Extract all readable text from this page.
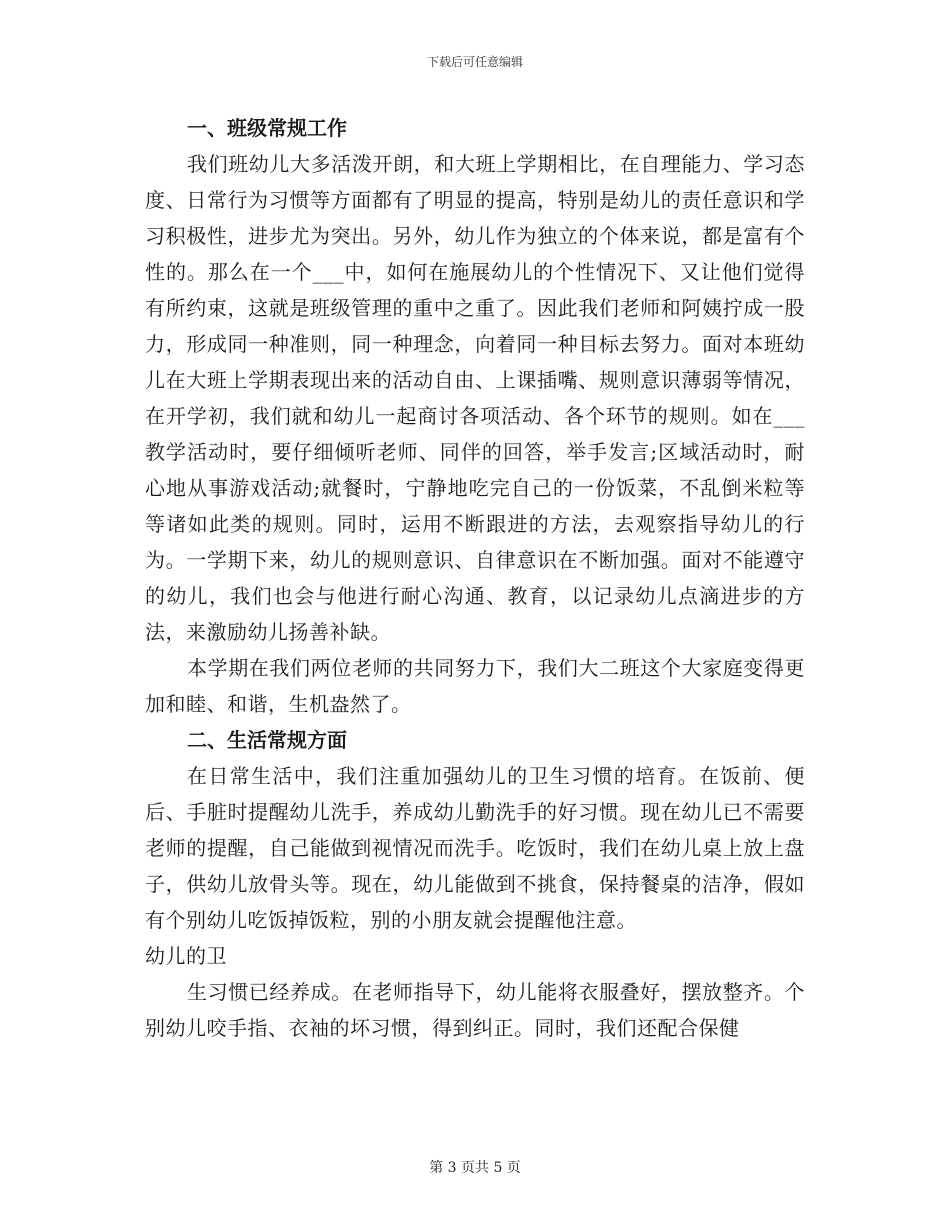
下载后可任意编辑

一、班级常规工作

我们班幼儿大多活泼开朗，和大班上学期相比，在自理能力、学习态度、日常行为习惯等方面都有了明显的提高，特别是幼儿的责任意识和学习积极性，进步尤为突出。另外，幼儿作为独立的个体来说，都是富有个性的。那么在一个___中，如何在施展幼儿的个性情况下、又让他们觉得有所约束，这就是班级管理的重中之重了。因此我们老师和阿姨拧成一股力，形成同一种准则，同一种理念，向着同一种目标去努力。面对本班幼儿在大班上学期表现出来的活动自由、上课插嘴、规则意识薄弱等情况，在开学初，我们就和幼儿一起商讨各项活动、各个环节的规则。如在___教学活动时，要仔细倾听老师、同伴的回答，举手发言;区域活动时，耐心地从事游戏活动;就餐时，宁静地吃完自己的一份饭菜，不乱倒米粒等等诸如此类的规则。同时，运用不断跟进的方法，去观察指导幼儿的行为。一学期下来，幼儿的规则意识、自律意识在不断加强。面对不能遵守的幼儿，我们也会与他进行耐心沟通、教育，以记录幼儿点滴进步的方法，来激励幼儿扬善补缺。

本学期在我们两位老师的共同努力下，我们大二班这个大家庭变得更加和睦、和谐，生机盎然了。

二、生活常规方面

在日常生活中，我们注重加强幼儿的卫生习惯的培育。在饭前、便后、手脏时提醒幼儿洗手，养成幼儿勤洗手的好习惯。现在幼儿已不需要老师的提醒，自己能做到视情况而洗手。吃饭时，我们在幼儿桌上放上盘子，供幼儿放骨头等。现在，幼儿能做到不挑食，保持餐桌的洁净，假如有个别幼儿吃饭掉饭粒，别的小朋友就会提醒他注意。

幼儿的卫

生习惯已经养成。在老师指导下，幼儿能将衣服叠好，摆放整齐。个别幼儿咬手指、衣袖的坏习惯，得到纠正。同时，我们还配合保健

第 3 页共 5 页
